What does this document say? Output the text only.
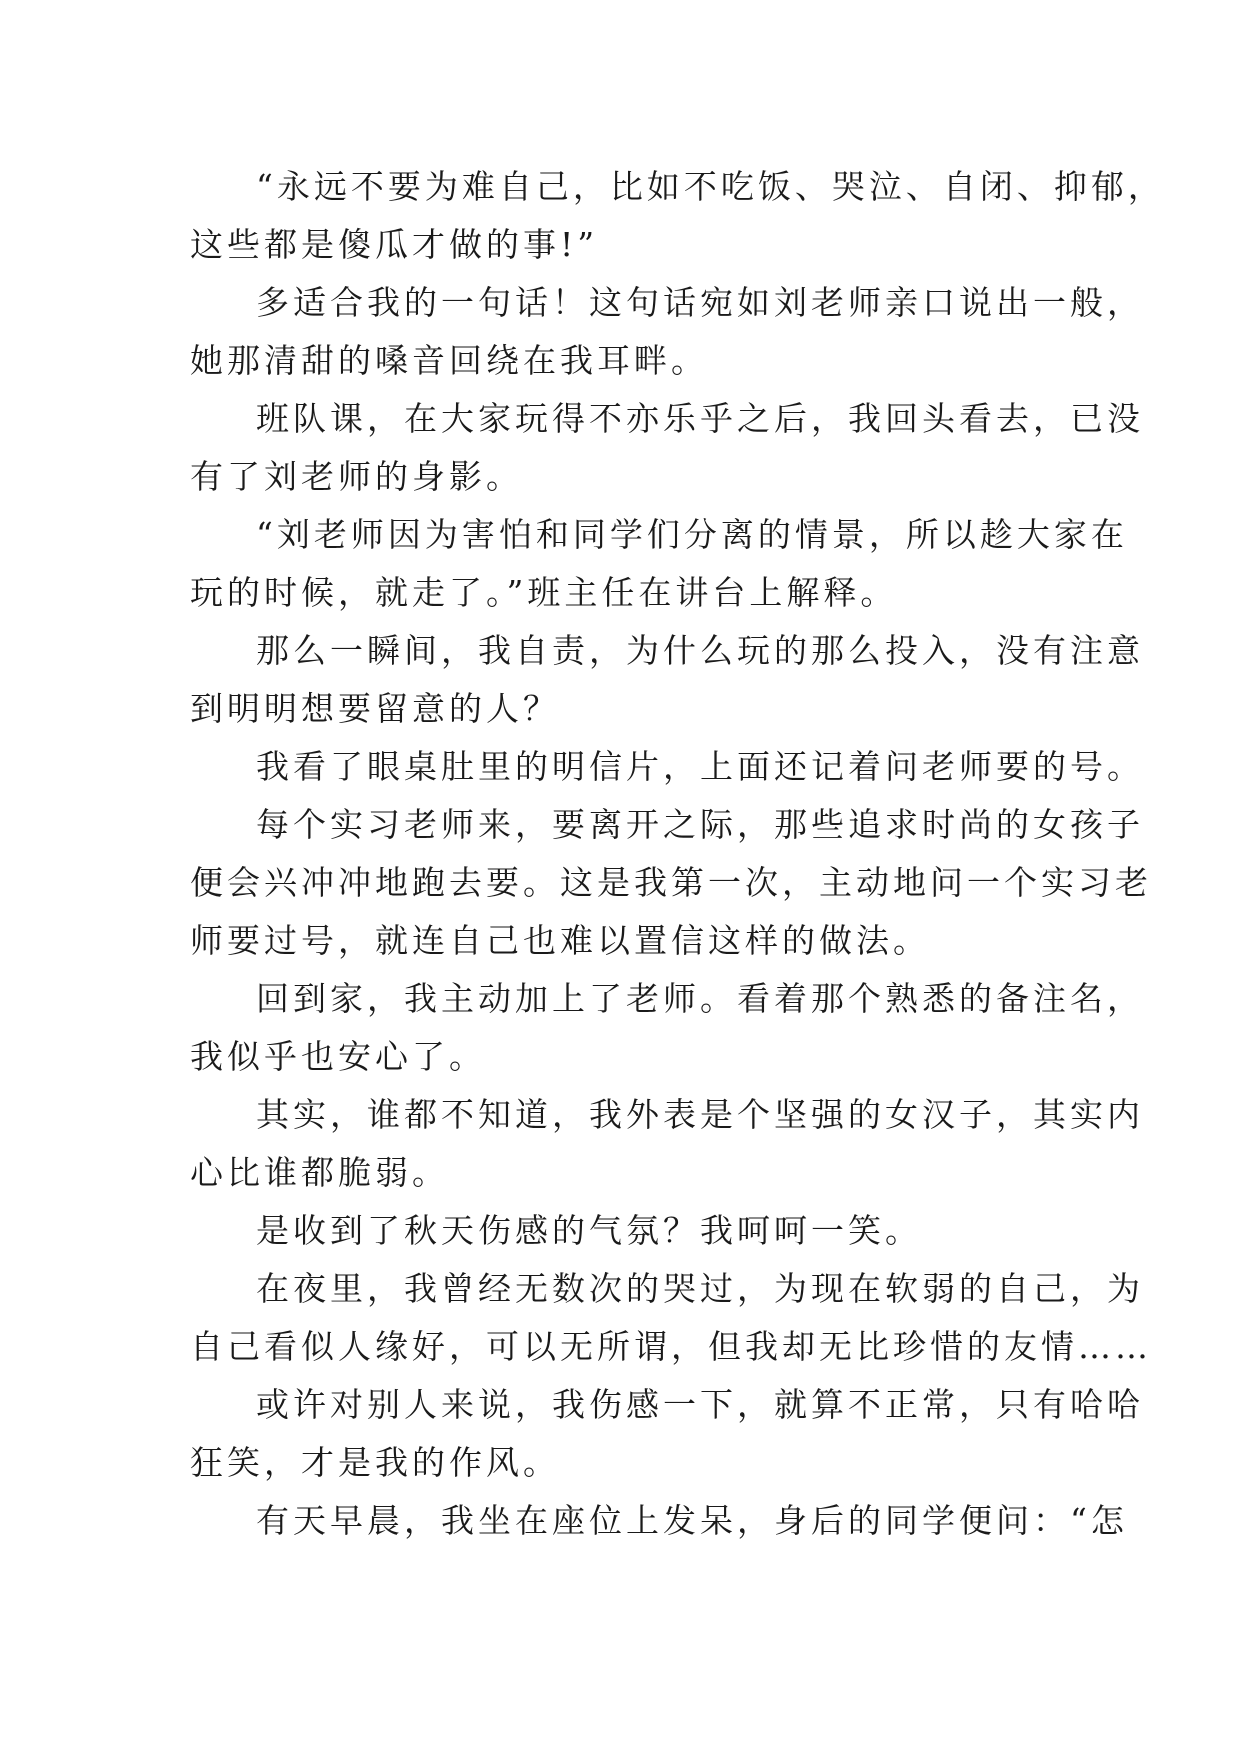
“永远不要为难自己，比如不吃饭、哭泣、自闭、抑郁，
这些都是傻瓜才做的事!”
多适合我的一句话！这句话宛如刘老师亲口说出一般，
她那清甜的嗓音回绕在我耳畔。
班队课，在大家玩得不亦乐乎之后，我回头看去，已没
有了刘老师的身影。
“刘老师因为害怕和同学们分离的情景，所以趁大家在
玩的时候，就走了。”班主任在讲台上解释。
那么一瞬间，我自责，为什么玩的那么投入，没有注意
到明明想要留意的人？
我看了眼桌肚里的明信片，上面还记着问老师要的号。
每个实习老师来，要离开之际，那些追求时尚的女孩子
便会兴冲冲地跑去要。这是我第一次，主动地问一个实习老
师要过号，就连自己也难以置信这样的做法。
回到家，我主动加上了老师。看着那个熟悉的备注名，
我似乎也安心了。
其实，谁都不知道，我外表是个坚强的女汉子，其实内
心比谁都脆弱。
是收到了秋天伤感的气氛？我呵呵一笑。
在夜里，我曾经无数次的哭过，为现在软弱的自己，为
自己看似人缘好，可以无所谓，但我却无比珍惜的友情……
或许对别人来说，我伤感一下，就算不正常，只有哈哈
狂笑，才是我的作风。
有天早晨，我坐在座位上发呆，身后的同学便问：“怎
